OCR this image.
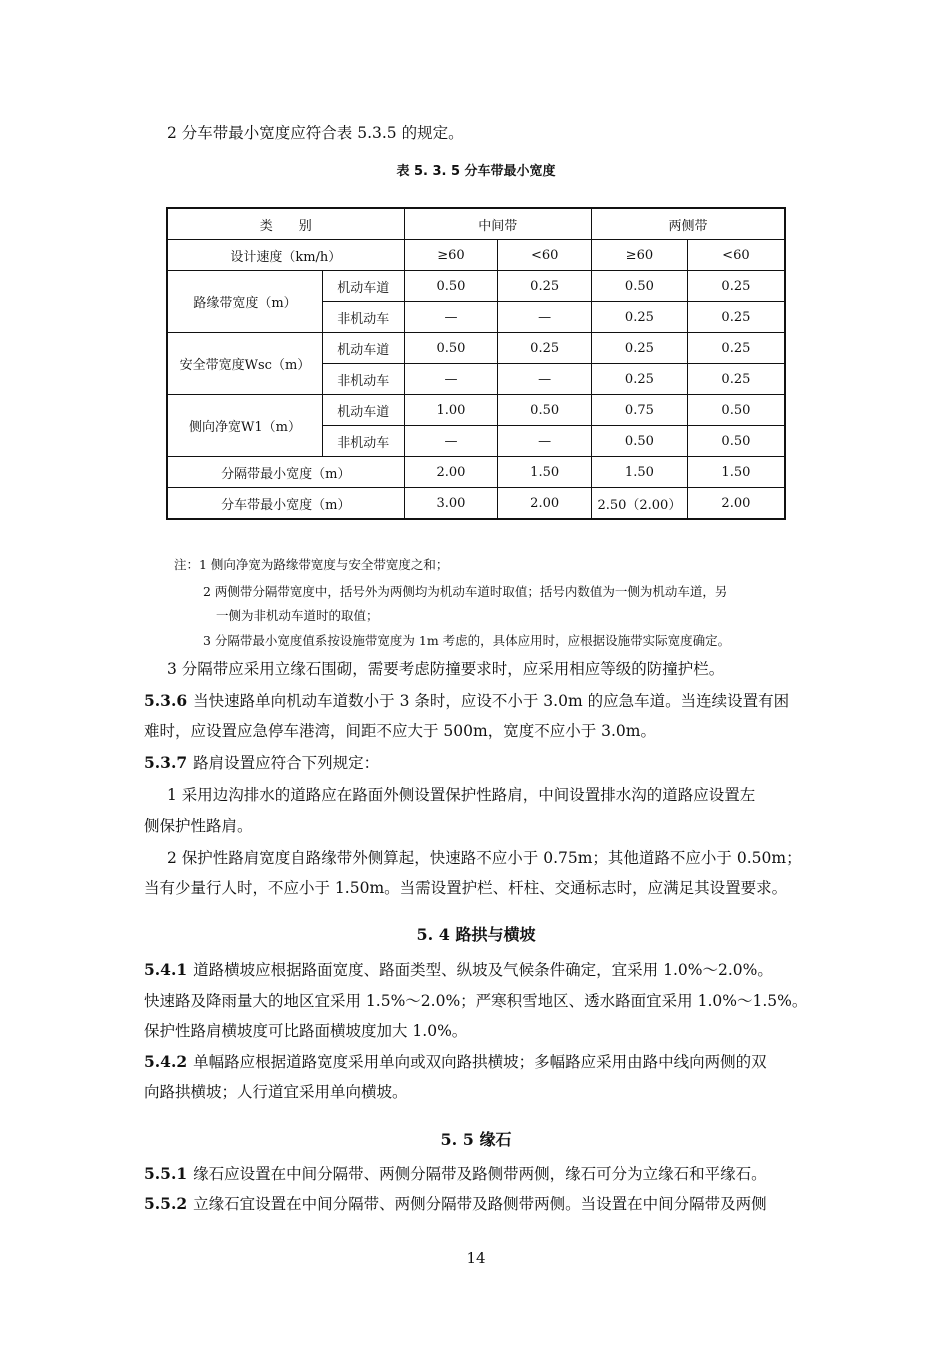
2 分车带最小宽度应符合表 5.3.5 的规定。
表 5. 3. 5 分车带最小宽度
类　　别		中间带		两侧带	
设计速度（km/h）		≥60	<60	≥60	<60
路缘带宽度（m）	机动车道	0.50	0.25	0.50	0.25
	非机动车	—	—	0.25	0.25
安全带宽度Wsc（m）	机动车道	0.50	0.25	0.25	0.25
	非机动车	—	—	0.25	0.25
侧向净宽W1（m）	机动车道	1.00	0.50	0.75	0.50
	非机动车	—	—	0.50	0.50
分隔带最小宽度（m）		2.00	1.50	1.50	1.50
分车带最小宽度（m）		3.00	2.00	2.50（2.00）	2.00
注：1 侧向净宽为路缘带宽度与安全带宽度之和；
2 两侧带分隔带宽度中，括号外为两侧均为机动车道时取值；括号内数值为一侧为机动车道，另
一侧为非机动车道时的取值；
3 分隔带最小宽度值系按设施带宽度为 1m 考虑的，具体应用时，应根据设施带实际宽度确定。
3 分隔带应采用立缘石围砌，需要考虑防撞要求时，应采用相应等级的防撞护栏。
5.3.6 当快速路单向机动车道数小于 3 条时，应设不小于 3.0m 的应急车道。当连续设置有困
难时，应设置应急停车港湾，间距不应大于 500m，宽度不应小于 3.0m。
5.3.7 路肩设置应符合下列规定：
1 采用边沟排水的道路应在路面外侧设置保护性路肩，中间设置排水沟的道路应设置左
侧保护性路肩。
2 保护性路肩宽度自路缘带外侧算起，快速路不应小于 0.75m；其他道路不应小于 0.50m；
当有少量行人时，不应小于 1.50m。当需设置护栏、杆柱、交通标志时，应满足其设置要求。
5. 4 路拱与横坡
5.4.1 道路横坡应根据路面宽度、路面类型、纵坡及气候条件确定，宜采用 1.0%～2.0%。
快速路及降雨量大的地区宜采用 1.5%～2.0%；严寒积雪地区、透水路面宜采用 1.0%～1.5%。
保护性路肩横坡度可比路面横坡度加大 1.0%。
5.4.2 单幅路应根据道路宽度采用单向或双向路拱横坡；多幅路应采用由路中线向两侧的双
向路拱横坡；人行道宜采用单向横坡。
5. 5 缘石
5.5.1 缘石应设置在中间分隔带、两侧分隔带及路侧带两侧，缘石可分为立缘石和平缘石。
5.5.2 立缘石宜设置在中间分隔带、两侧分隔带及路侧带两侧。当设置在中间分隔带及两侧
14
